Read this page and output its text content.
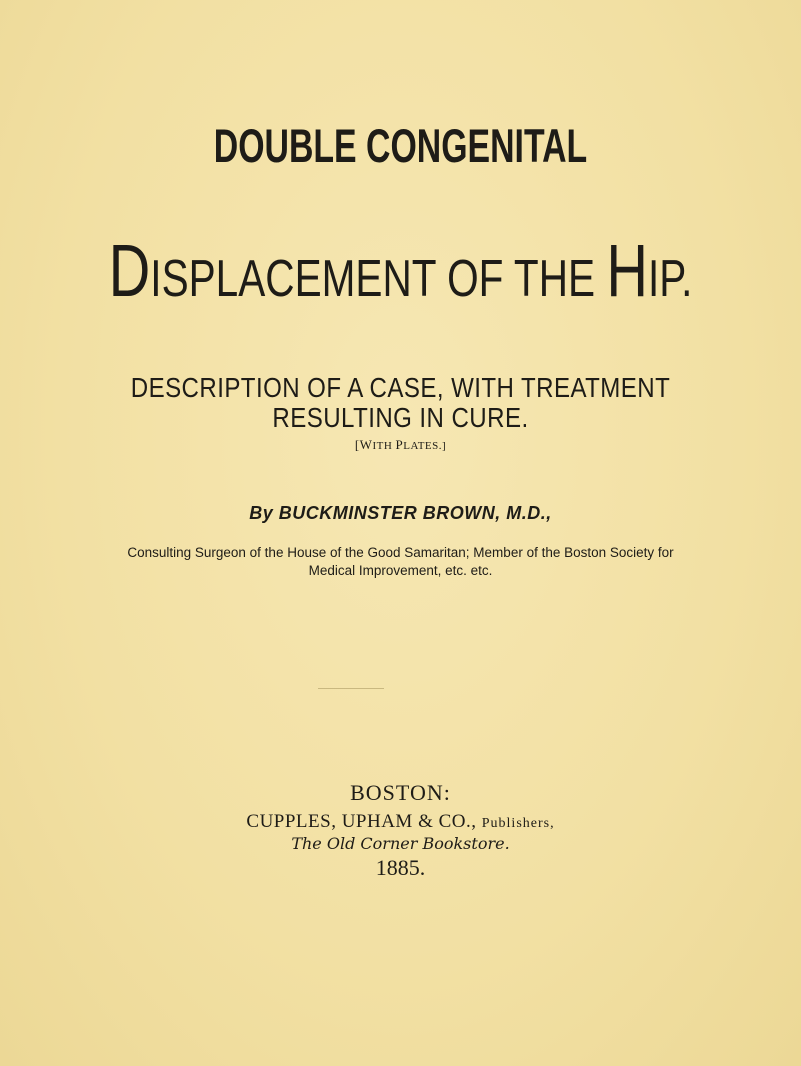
DOUBLE CONGENITAL
DISPLACEMENT OF THE HIP.
DESCRIPTION OF A CASE, WITH TREATMENT
RESULTING IN CURE.
[WITH PLATES.]
By BUCKMINSTER BROWN, M.D.,
Consulting Surgeon of the House of the Good Samaritan; Member of the Boston Society for
Medical Improvement, etc. etc.
BOSTON:
CUPPLES, UPHAM & CO., Publishers,
The Old Corner Bookstore.
1885.
